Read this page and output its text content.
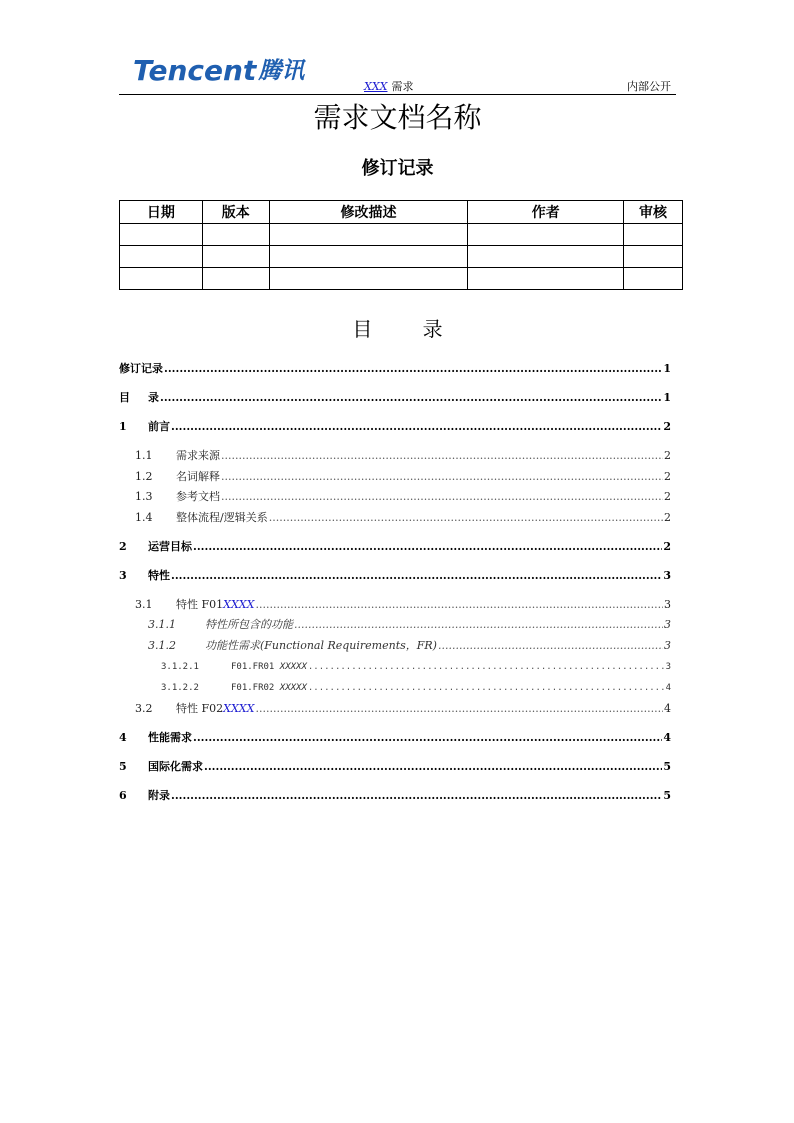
Tencent 腾讯
XXX 需求	内部公开
需求文档名称
修订记录
日期	版本	修改描述	作者	审核

目 录
修订记录 .....	1
目	录 .....	1
1	前言 .....	2
1.1	需求来源 .....	2
1.2	名词解释 .....	2
1.3	参考文档 .....	2
1.4	整体流程/逻辑关系 .....	2
2	运营目标 .....	2
3	特性 .....	3
3.1	特性 F01XXXX .....	3
3.1.1	特性所包含的功能 .....	3
3.1.2	功能性需求(Functional Requirements，FR) .....	3
3.1.2.1	F01.FR01 XXXXX .....	3
3.1.2.2	F01.FR02 XXXXX .....	4
3.2	特性 F02XXXX .....	4
4	性能需求 .....	4
5	国际化需求 .....	5
6	附录 .....	5
